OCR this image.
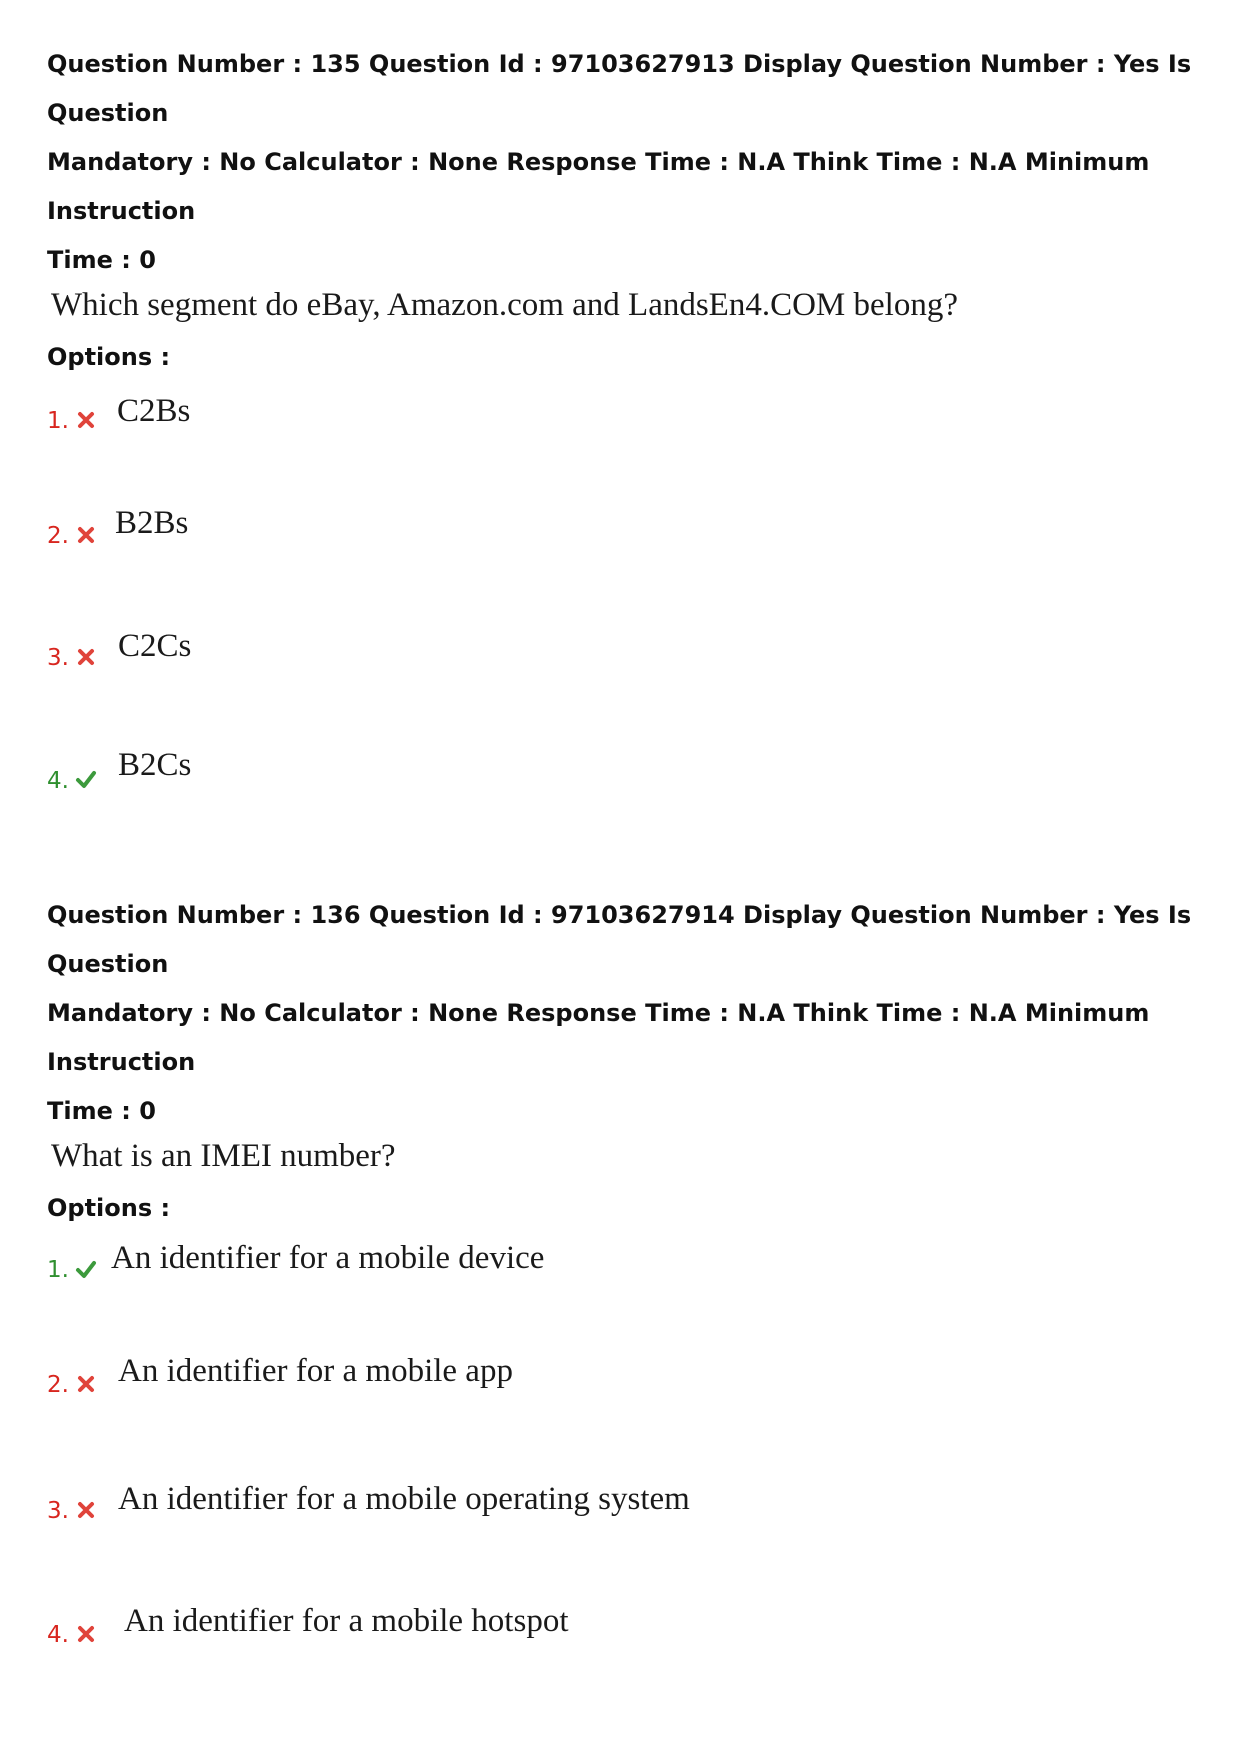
Question Number : 135 Question Id : 97103627913 Display Question Number : Yes Is Question

Mandatory : No Calculator : None Response Time : N.A Think Time : N.A Minimum Instruction

Time : 0

Which segment do eBay, Amazon.com and LandsEn4.COM belong?

Options :

1. C2Bs
2. B2Bs
3. C2Cs
4. B2Cs

Question Number : 136 Question Id : 97103627914 Display Question Number : Yes Is Question

Mandatory : No Calculator : None Response Time : N.A Think Time : N.A Minimum Instruction

Time : 0

What is an IMEI number?

Options :

1. An identifier for a mobile device
2. An identifier for a mobile app
3. An identifier for a mobile operating system
4. An identifier for a mobile hotspot
